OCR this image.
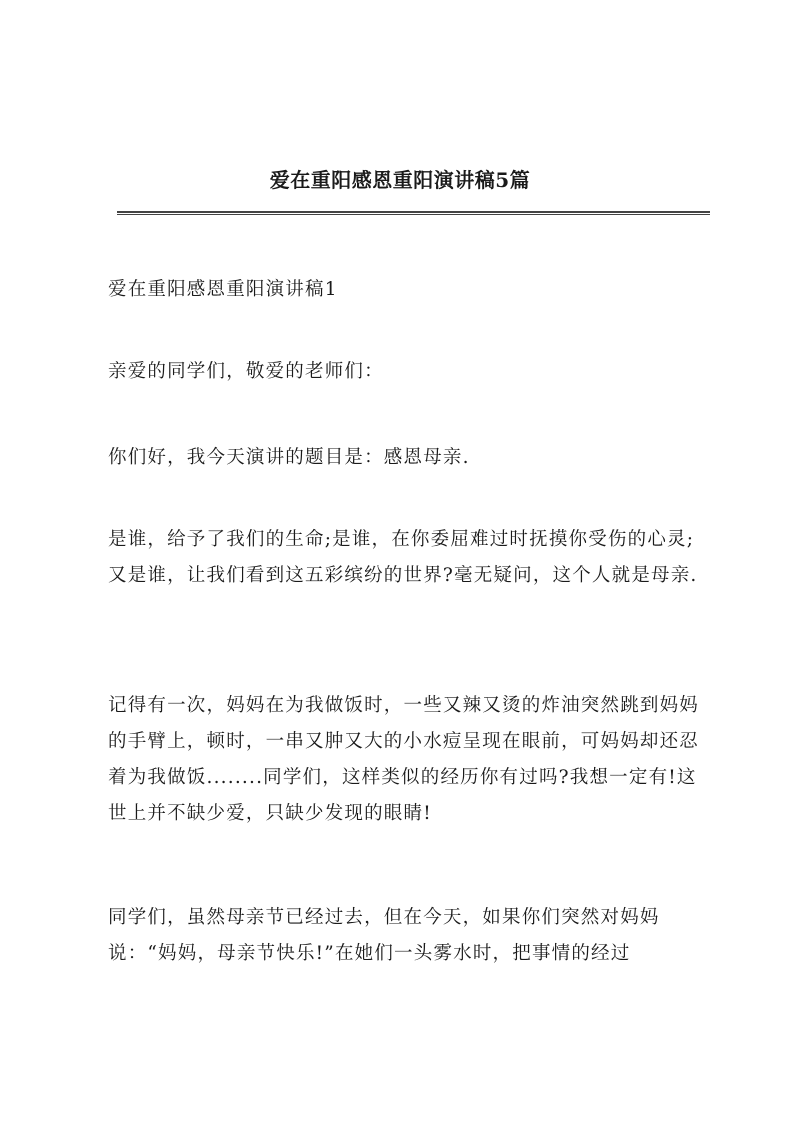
爱在重阳感恩重阳演讲稿5篇

爱在重阳感恩重阳演讲稿1

亲爱的同学们，敬爱的老师们：

你们好，我今天演讲的题目是：感恩母亲.

是谁，给予了我们的生命;是谁，在你委屈难过时抚摸你受伤的心灵;又是谁，让我们看到这五彩缤纷的世界?毫无疑问，这个人就是母亲.

记得有一次，妈妈在为我做饭时，一些又辣又烫的炸油突然跳到妈妈的手臂上，顿时，一串又肿又大的小水痘呈现在眼前，可妈妈却还忍着为我做饭........同学们，这样类似的经历你有过吗?我想一定有!这世上并不缺少爱，只缺少发现的眼睛!

同学们，虽然母亲节已经过去，但在今天，如果你们突然对妈妈说：“妈妈，母亲节快乐!”在她们一头雾水时，把事情的经过
